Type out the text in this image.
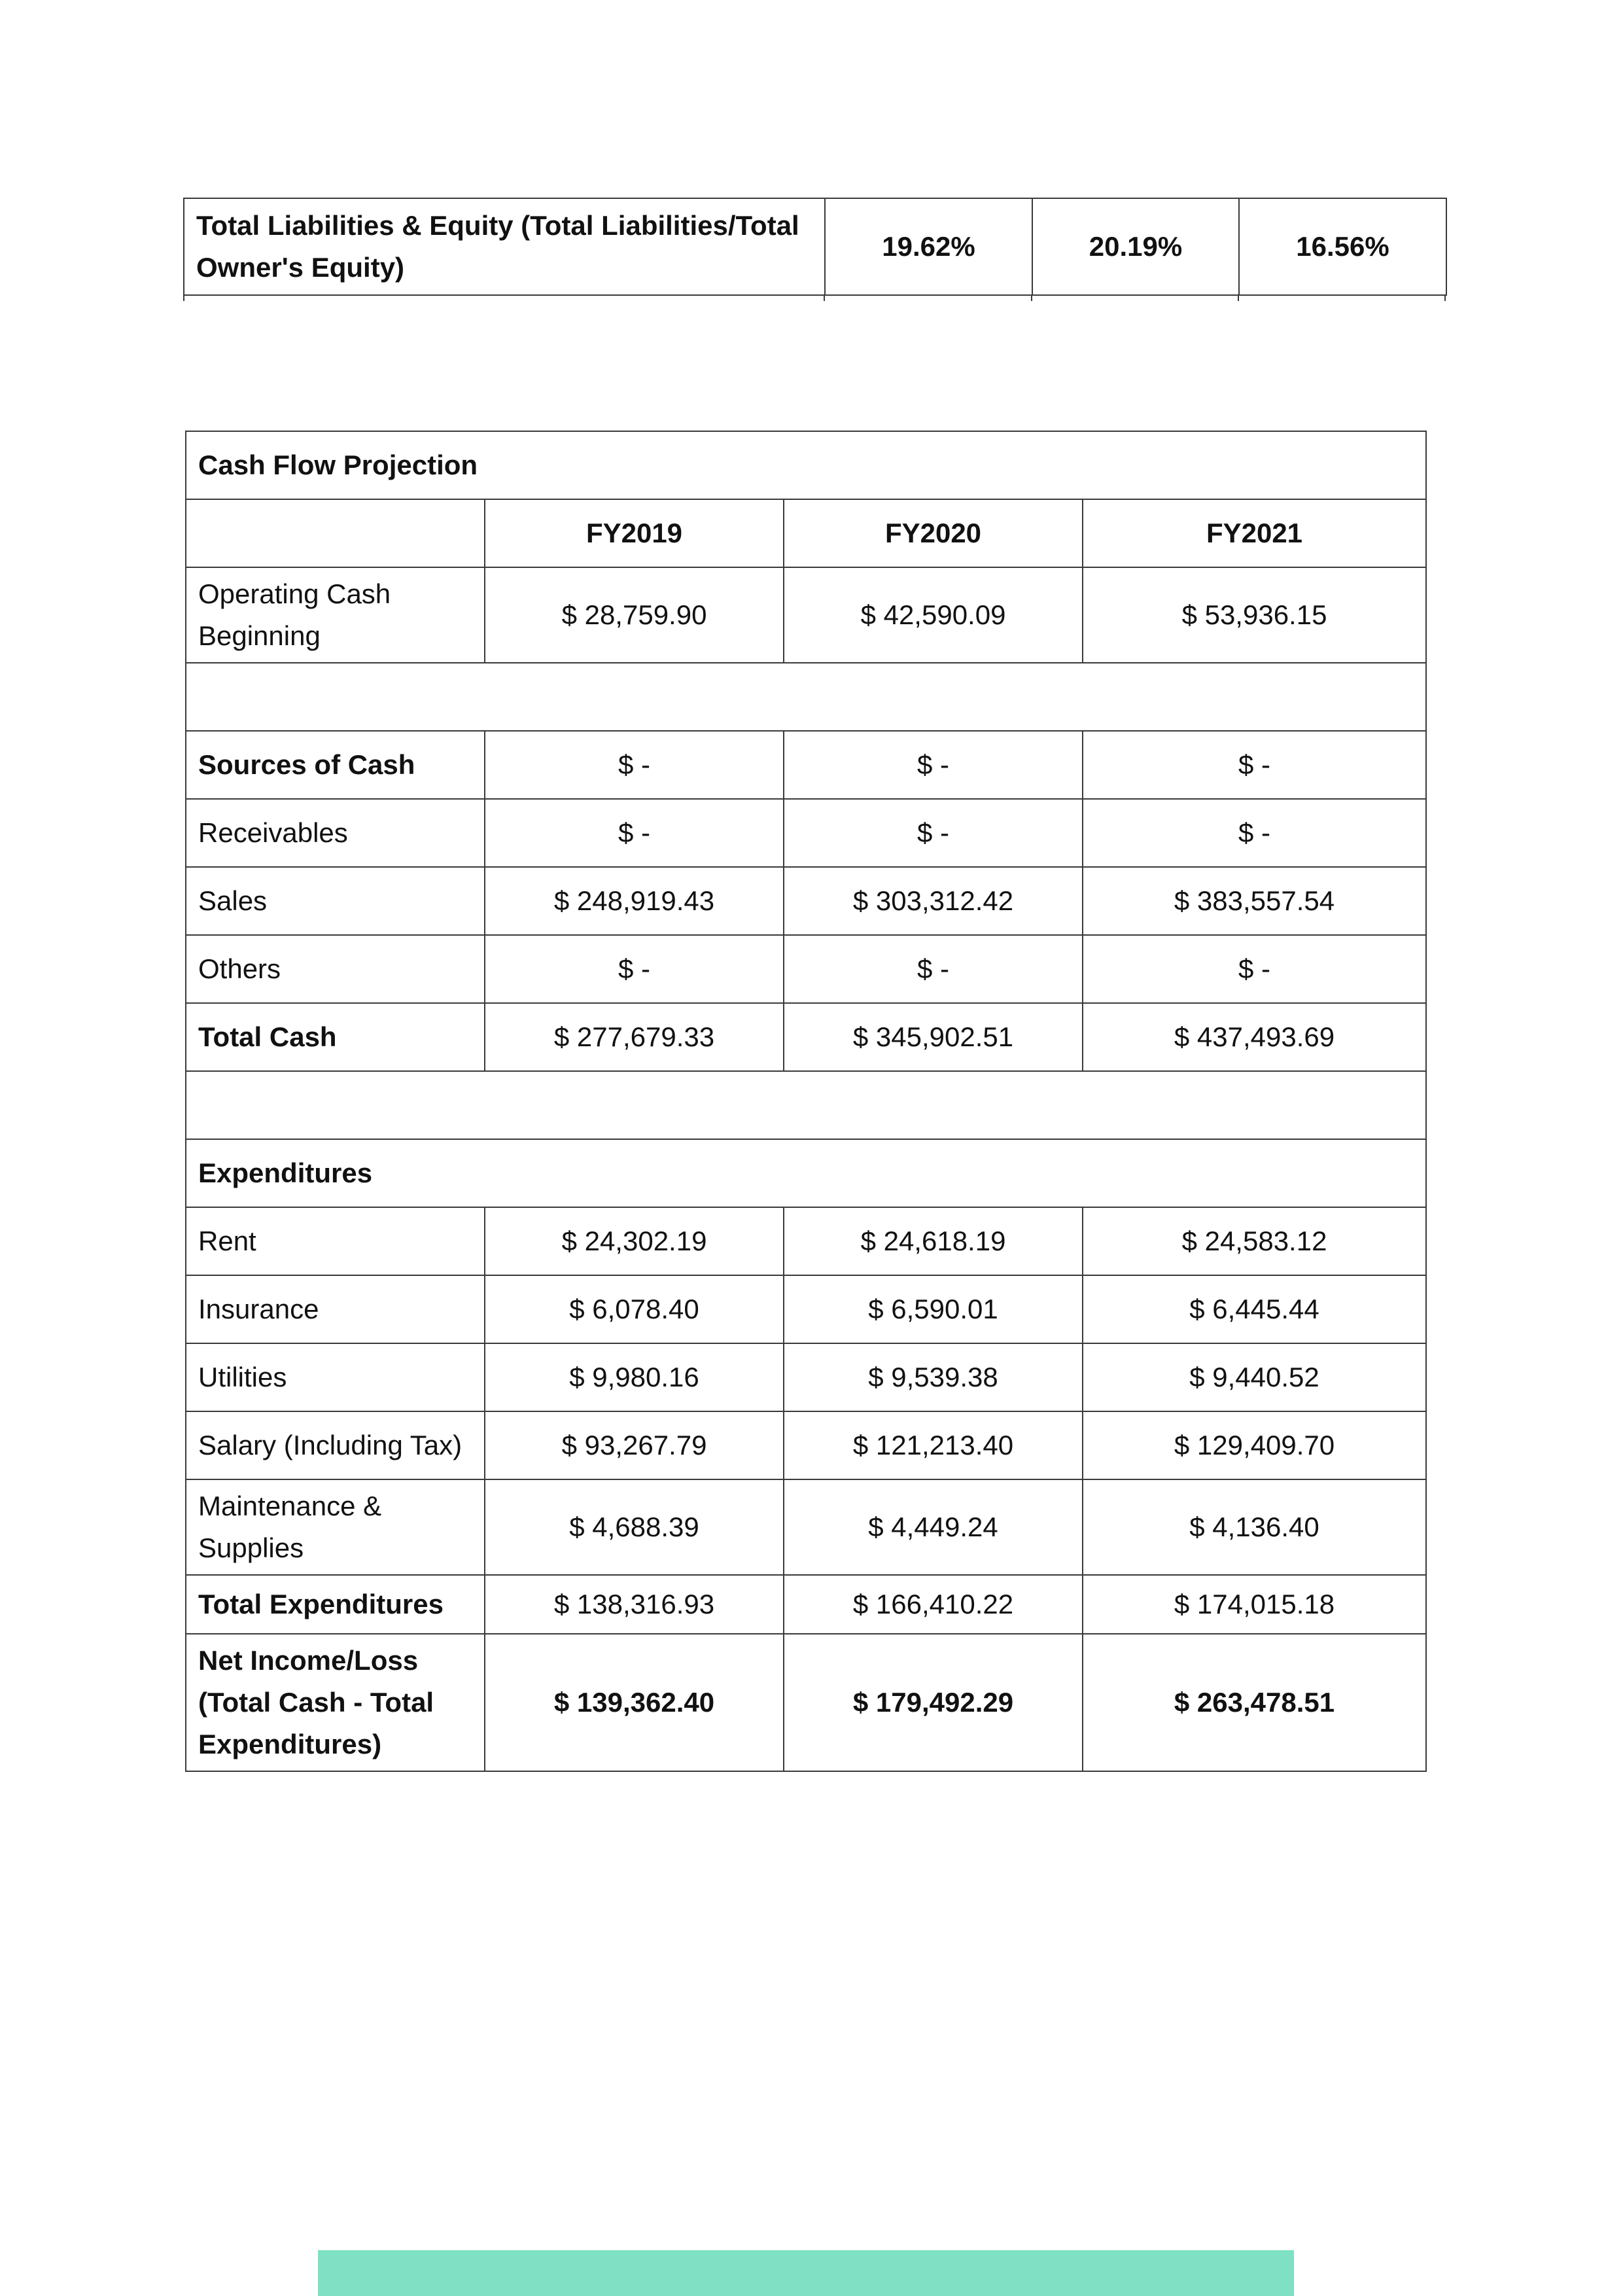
Total Liabilities & Equity (Total Liabilities/Total Owner's Equity)	19.62%	20.19%	16.56%
Cash Flow Projection			
	FY2019	FY2020	FY2021
Operating Cash Beginning	$ 28,759.90	$ 42,590.09	$ 53,936.15

Sources of Cash	$ -	$ -	$ -
Receivables	$ -	$ -	$ -
Sales	$ 248,919.43	$ 303,312.42	$ 383,557.54
Others	$ -	$ -	$ -
Total Cash	$ 277,679.33	$ 345,902.51	$ 437,493.69

Expenditures			
Rent	$ 24,302.19	$ 24,618.19	$ 24,583.12
Insurance	$ 6,078.40	$ 6,590.01	$ 6,445.44
Utilities	$ 9,980.16	$ 9,539.38	$ 9,440.52
Salary (Including Tax)	$ 93,267.79	$ 121,213.40	$ 129,409.70
Maintenance & Supplies	$ 4,688.39	$ 4,449.24	$ 4,136.40
Total Expenditures	$ 138,316.93	$ 166,410.22	$ 174,015.18
Net Income/Loss (Total Cash - Total Expenditures)	$ 139,362.40	$ 179,492.29	$ 263,478.51
